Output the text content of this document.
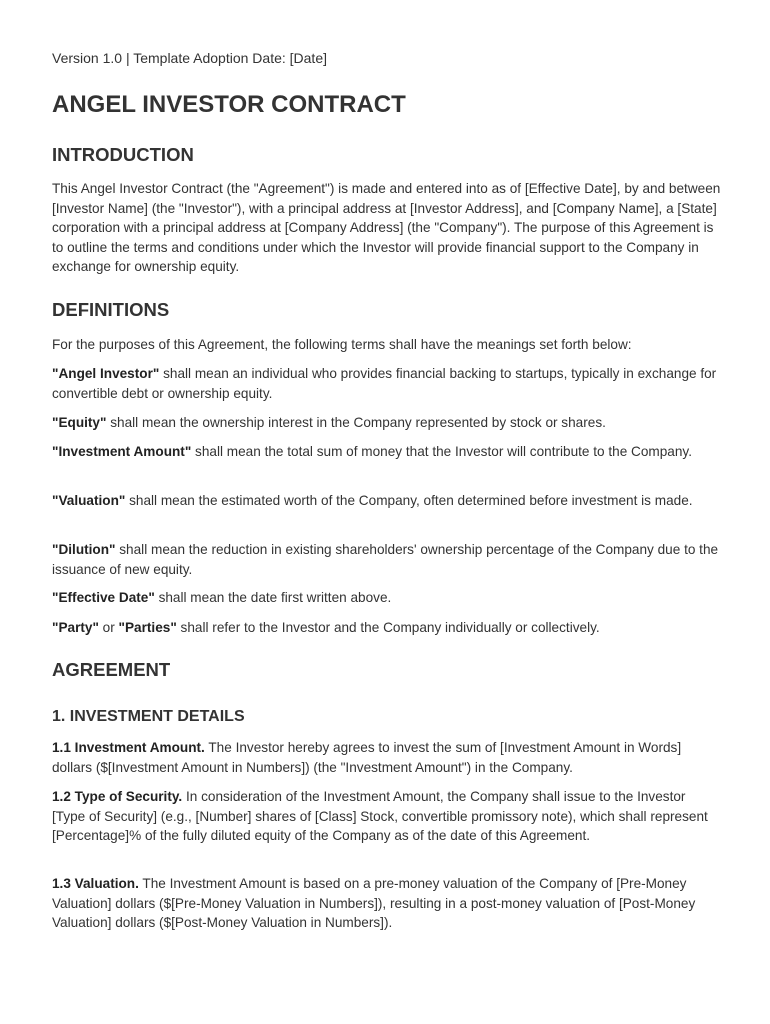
Version 1.0 | Template Adoption Date: [Date]
ANGEL INVESTOR CONTRACT
INTRODUCTION

This Angel Investor Contract (the "Agreement") is made and entered into as of [Effective Date], by and between [Investor Name] (the "Investor"), with a principal address at [Investor Address], and [Company Name], a [State] corporation with a principal address at [Company Address] (the "Company"). The purpose of this Agreement is to outline the terms and conditions under which the Investor will provide financial support to the Company in exchange for ownership equity.

DEFINITIONS

For the purposes of this Agreement, the following terms shall have the meanings set forth below:

"Angel Investor" shall mean an individual who provides financial backing to startups, typically in exchange for convertible debt or ownership equity.

"Equity" shall mean the ownership interest in the Company represented by stock or shares.

"Investment Amount" shall mean the total sum of money that the Investor will contribute to the Company.

"Valuation" shall mean the estimated worth of the Company, often determined before investment is made.

"Dilution" shall mean the reduction in existing shareholders' ownership percentage of the Company due to the issuance of new equity.

"Effective Date" shall mean the date first written above.

"Party" or "Parties" shall refer to the Investor and the Company individually or collectively.

AGREEMENT
1. INVESTMENT DETAILS

1.1 Investment Amount. The Investor hereby agrees to invest the sum of [Investment Amount in Words] dollars ($[Investment Amount in Numbers]) (the "Investment Amount") in the Company.

1.2 Type of Security. In consideration of the Investment Amount, the Company shall issue to the Investor [Type of Security] (e.g., [Number] shares of [Class] Stock, convertible promissory note), which shall represent [Percentage]% of the fully diluted equity of the Company as of the date of this Agreement.

1.3 Valuation. The Investment Amount is based on a pre-money valuation of the Company of [Pre-Money Valuation] dollars ($[Pre-Money Valuation in Numbers]), resulting in a post-money valuation of [Post-Money Valuation] dollars ($[Post-Money Valuation in Numbers]).
